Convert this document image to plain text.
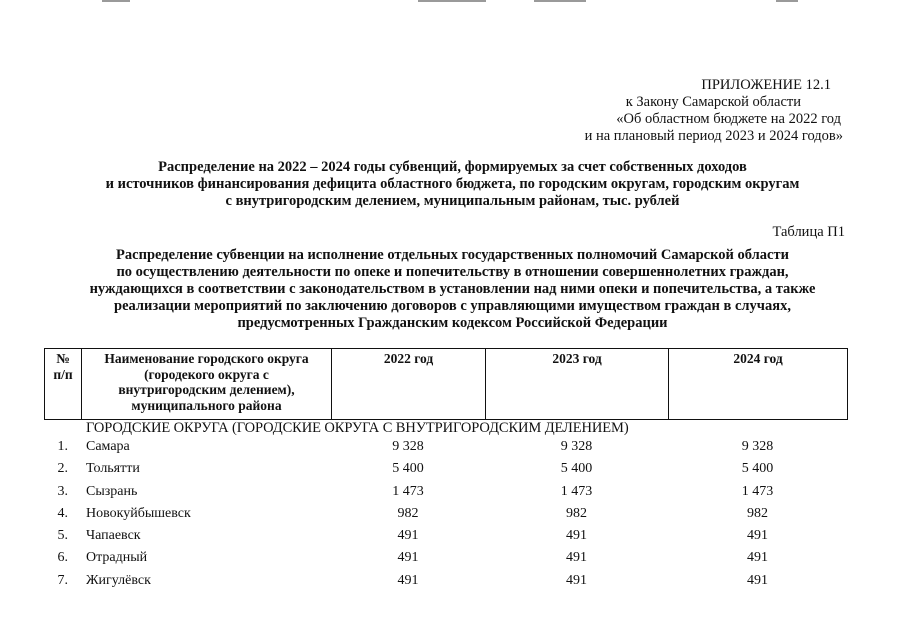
ПРИЛОЖЕНИЕ 12.1
к Закону Самарской области
«Об областном бюджете на 2022 год
и на плановый период 2023 и 2024 годов»
Распределение на 2022 – 2024 годы субвенций, формируемых за счет собственных доходов
и источников финансирования дефицита областного бюджета, по городским округам, городским округам
с внутригородским делением, муниципальным районам, тыс. рублей
Таблица П1
Распределение субвенции на исполнение отдельных государственных полномочий Самарской области
по осуществлению деятельности по опеке и попечительству в отношении совершеннолетних граждан,
нуждающихся в соответствии с законодательством в установлении над ними опеки и попечительства, а также
реализации мероприятий по заключению договоров с управляющими имуществом граждан в случаях,
предусмотренных Гражданским кодексом Российской Федерации
№
п/п

Наименование городского округа
(городекого округа с
внутригородским делением),
муниципального района
	2022 год	2023 год	2024 год
ГОРОДСКИЕ ОКРУГА (ГОРОДСКИЕ ОКРУГА С ВНУТРИГОРОДСКИМ ДЕЛЕНИЕМ)
1. Самара	9 328	9 328	9 328
2. Тольятти	5 400	5 400	5 400
3. Сызрань	1 473	1 473	1 473
4. Новокуйбышевск	982	982	982
5. Чапаевск	491	491	491
6. Отрадный	491	491	491
7. Жигулёвск	491	491	491
